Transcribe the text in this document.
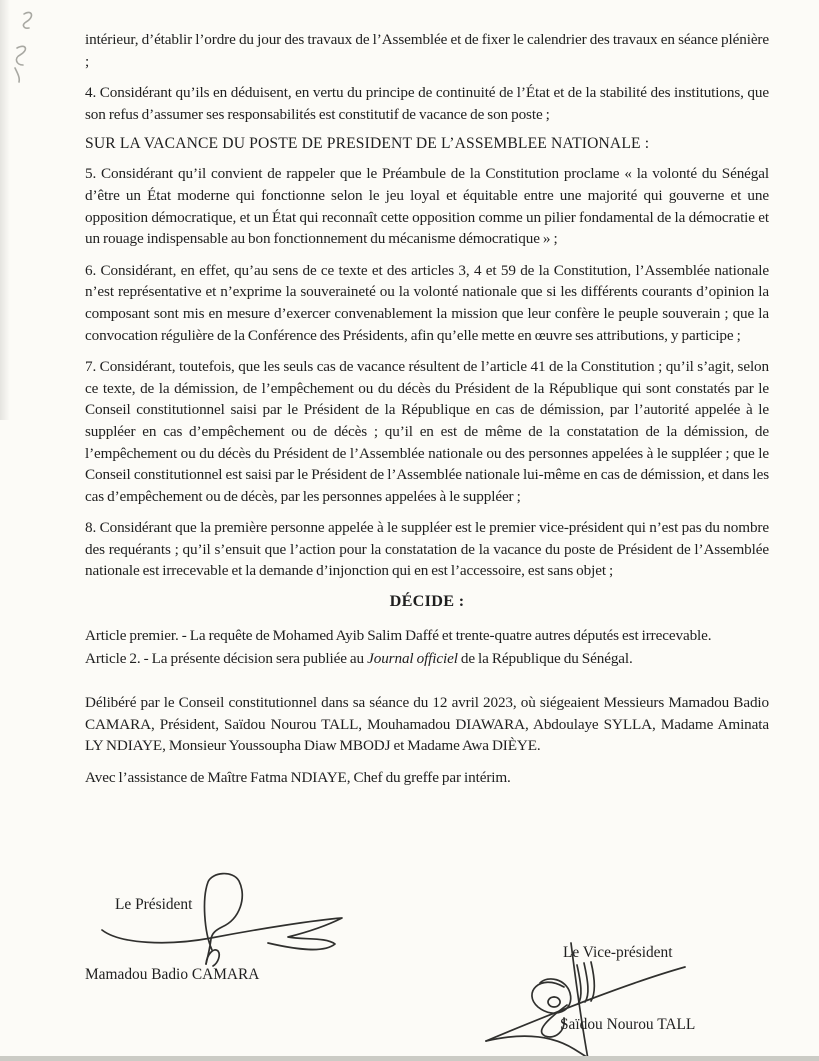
intérieur, d’établir l’ordre du jour des travaux de l’Assemblée et de fixer le calendrier des travaux en séance plénière ;

4. Considérant qu’ils en déduisent, en vertu du principe de continuité de l’État et de la stabilité des institutions, que son refus d’assumer ses responsabilités est constitutif de vacance de son poste ;

SUR LA VACANCE DU POSTE DE PRESIDENT DE L’ASSEMBLEE NATIONALE :

5. Considérant qu’il convient de rappeler que le Préambule de la Constitution proclame « la volonté du Sénégal d’être un État moderne qui fonctionne selon le jeu loyal et équitable entre une majorité qui gouverne et une opposition démocratique, et un État qui reconnaît cette opposition comme un pilier fondamental de la démocratie et un rouage indispensable au bon fonctionnement du mécanisme démocratique » ;

6. Considérant, en effet, qu’au sens de ce texte et des articles 3, 4 et 59 de la Constitution, l’Assemblée nationale n’est représentative et n’exprime la souveraineté ou la volonté nationale que si les différents courants d’opinion la composant sont mis en mesure d’exercer convenablement la mission que leur confère le peuple souverain ; que la convocation régulière de la Conférence des Présidents, afin qu’elle mette en œuvre ses attributions, y participe ;

7. Considérant, toutefois, que les seuls cas de vacance résultent de l’article 41 de la Constitution ; qu’il s’agit, selon ce texte, de la démission, de l’empêchement ou du décès du Président de la République qui sont constatés par le Conseil constitutionnel saisi par le Président de la République en cas de démission, par l’autorité appelée à le suppléer en cas d’empêchement ou de décès ; qu’il en est de même de la constatation de la démission, de l’empêchement ou du décès du Président de l’Assemblée nationale ou des personnes appelées à le suppléer ; que le Conseil constitutionnel est saisi par le Président de l’Assemblée nationale lui-même en cas de démission, et dans les cas d’empêchement ou de décès, par les personnes appelées à le suppléer ;

8. Considérant que la première personne appelée à le suppléer est le premier vice-président qui n’est pas du nombre des requérants ; qu’il s’ensuit que l’action pour la constatation de la vacance du poste de Président de l’Assemblée nationale est irrecevable et la demande d’injonction qui en est l’accessoire, est sans objet ;

DÉCIDE :

Article premier. - La requête de Mohamed Ayib Salim Daffé et trente-quatre autres députés est irrecevable.

Article 2. - La présente décision sera publiée au Journal officiel de la République du Sénégal.

Délibéré par le Conseil constitutionnel dans sa séance du 12 avril 2023, où siégeaient Messieurs Mamadou Badio CAMARA, Président, Saïdou Nourou TALL, Mouhamadou DIAWARA, Abdoulaye SYLLA, Madame Aminata LY NDIAYE, Monsieur Youssoupha Diaw MBODJ et Madame Awa DIÈYE.

Avec l’assistance de Maître Fatma NDIAYE, Chef du greffe par intérim.

Le Président
Mamadou Badio CAMARA
Le Vice-président
Saïdou Nourou TALL
